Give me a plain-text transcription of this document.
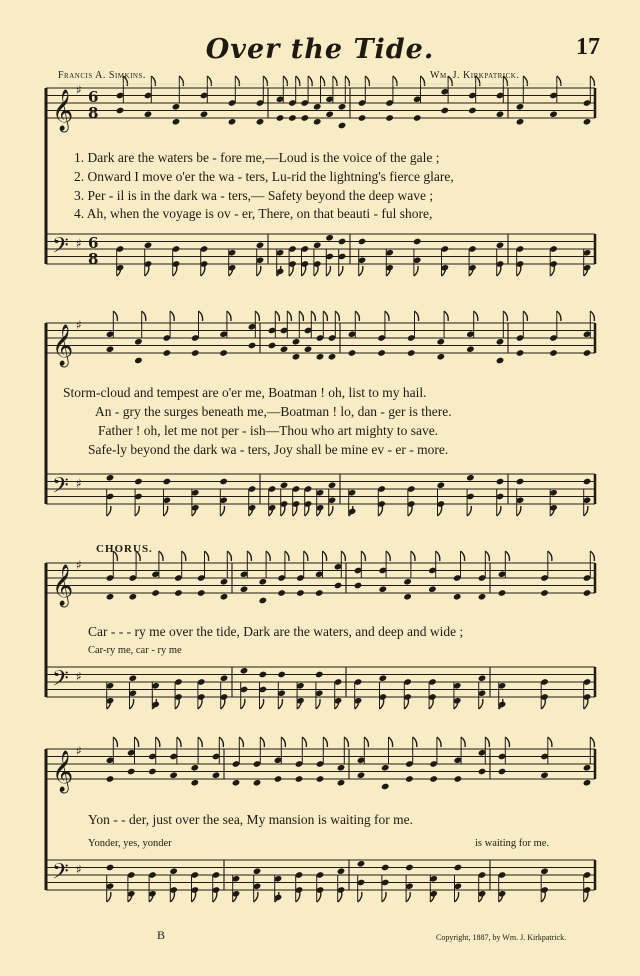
𝄞 ♯ 6
8
𝄢 ♯ 6
8
𝄞 ♯
𝄢 ♯
𝄞 ♯
𝄢 ♯
𝄞 ♯
𝄢 ♯
Over the Tide.	17
Francis A. Simkins.	Wm. J. Kirkpatrick.
1. Dark are the waters be - fore me,—Loud is the voice of the gale ;
2. Onward I move o'er the wa - ters, Lu-rid the lightning's fierce glare,
3. Per - il is in the dark wa - ters,— Safety beyond the deep wave ;
4. Ah, when the voyage is ov - er, There, on that beauti - ful shore,
Storm-cloud and tempest are o'er me, Boatman ! oh, list to my hail.
An - gry the surges beneath me,—Boatman ! lo, dan - ger is there.
Father ! oh, let me not per - ish—Thou who art mighty to save.
Safe-ly beyond the dark wa - ters, Joy shall be mine ev - er - more.
CHORUS.
Car - - - ry me over the tide, Dark are the waters, and deep and wide ;
Car-ry me, car - ry me
Yon - - der, just over the sea, My mansion is waiting for me.
Yonder, yes, yonder	is waiting for me.
B	Copyright, 1887, by Wm. J. Kirkpatrick.
